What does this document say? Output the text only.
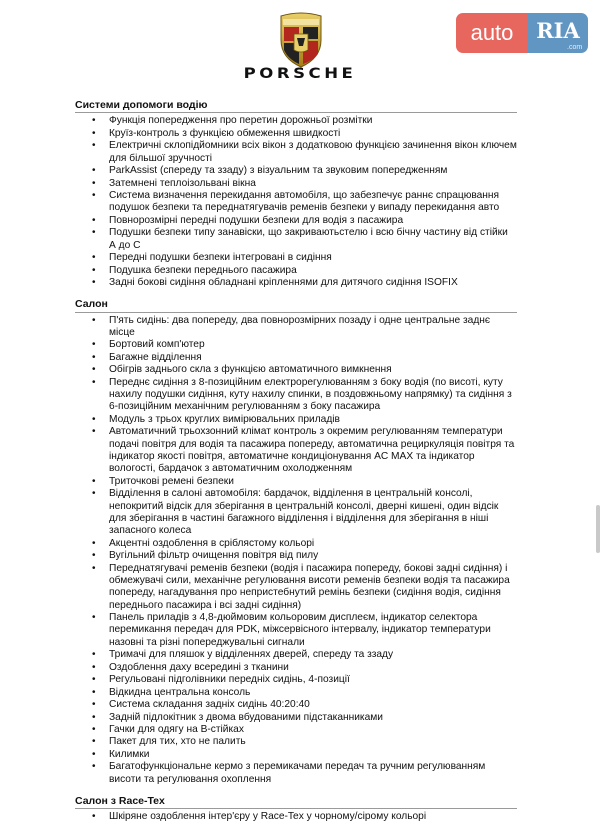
PORSCHE
auto	RIA
.com
Системи допомоги водію
• Функція попередження про перетин дорожньої розмітки
• Круїз-контроль з функцією обмеження швидкості
• Електричні склопідйомники всіх вікон з додатковою функцією зачинення вікон ключем для більшої зручності
• ParkAssist (спереду та ззаду) з візуальним та звуковим попередженням
• Затемнені теплоізольвані вікна
• Система визначення перекидання автомобіля, що забезпечує раннє спрацювання подушок безпеки та переднатягувачів ременів безпеки у випаду перекидання авто
• Повнорозмірні передні подушки безпеки для водія з пасажира
• Подушки безпеки типу занавіски, що закриваютьстелю і всю бічну частину від стійки А до С
• Передні подушки безпеки інтегровані в сидіння
• Подушка безпеки переднього пасажира
• Задні бокові сидіння обладнані кріпленнями для дитячого сидіння ISOFIX
Салон
• П'ять сидінь: два попереду, два повнорозмірних позаду і одне центральне заднє місце
• Бортовий комп'ютер
• Багажне відділення
• Обігрів заднього скла з функцією автоматичного вимкнення
• Переднє сидіння з 8-позиційним електрорегулюванням з боку водія (по висоті, куту нахилу подушки сидіння, куту нахилу спинки, в поздовжньому напрямку) та сидіння з 6-позиційним механічним регулюванням з боку пасажира
• Модуль з трьох круглих вимірювальних приладів
• Автоматичний трьохзонний клімат контроль з окремим регулюванням температури подачі повітря для водія та пасажира попереду, автоматична рециркуляція повітря та індикатор якості повітря, автоматичне кондиціонування AC MAX та індикатор вологості, бардачок з автоматичним охолодженням
• Триточкові ремені безпеки
• Відділення в салоні автомобіля: бардачок, відділення в центральній консолі, непокритий відсік для зберігання в центральній консолі, дверні кишені, один відсік для зберігання в частині багажного відділення і відділення для зберігання в ніші запасного колеса
• Акцентні оздоблення в сріблястому кольорі
• Вугільний фільтр очищення повітря від пилу
• Переднатягувачі ременів безпеки (водія і пасажира попереду, бокові задні сидіння) і обмежувачі сили, механічне регулювання висоти ременів безпеки водія та пасажира попереду, нагадування про непристебнутий ремінь безпеки (сидіння водія, сидіння переднього пасажира і всі задні сидіння)
• Панель приладів з 4,8-дюймовим кольоровим дисплеєм, індикатор селектора перемикання передач для PDK, міжсервісного інтервалу, індикатор температури назовні та різні попереджувальні сигнали
• Тримачі для пляшок у відділеннях дверей, спереду та ззаду
• Оздоблення даху всередині з тканини
• Регульовані підголівники передніх сидінь, 4-позиції
• Відкидна центральна консоль
• Система складання задніх сидінь 40:20:40
• Задній підлокітник з двома вбудованими підстаканниками
• Гачки для одягу на B-стійках
• Пакет для тих, хто не палить
• Килимки
• Багатофункціональне кермо з перемикачами передач та ручним регулюванням висоти та регулювання охоплення
Салон з Race-Tex
• Шкіряне оздоблення інтер'єру у Race-Tex у чорному/сірому кольорі
